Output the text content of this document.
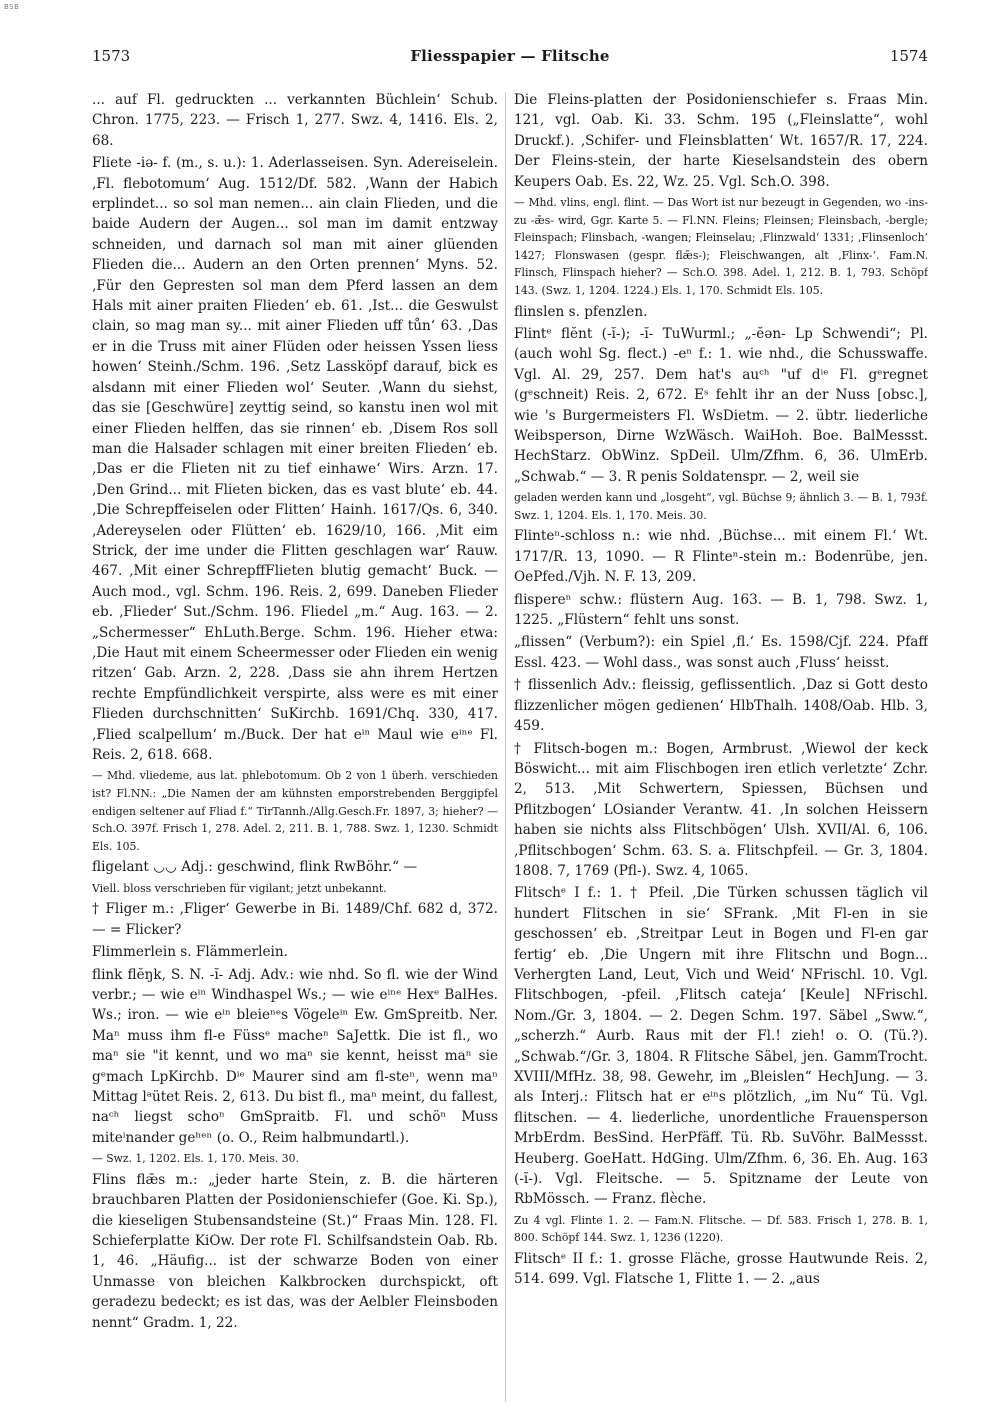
BSB
1573	Fliesspapier — Flitsche	1574

... auf Fl. gedruckten ... verkannten Büchlein‘ Schub. Chron. 1775, 223. — Frisch 1, 277. Swz. 4, 1416. Els. 2, 68.

Fliete -iə- f. (m., s. u.): 1. Aderlasseisen. Syn. Adereiselein. ‚Fl. flebotomum‘ Aug. 1512/Df. 582. ‚Wann der Habich erplindet... so sol man nemen... ain clain Flieden, und die baide Audern der Augen... sol man im damit entzway schneiden, und darnach sol man mit ainer glüenden Flieden die... Audern an den Orten prennen‘ Myns. 52. ‚Für den Gepresten sol man dem Pferd lassen an dem Hals mit ainer praiten Flieden‘ eb. 61. ‚Ist... die Geswulst clain, so mag man sy... mit ainer Flieden uff tůn‘ 63. ‚Das er in die Truss mit ainer Flüden oder heissen Yssen liess howen‘ Steinh./Schm. 196. ‚Setz Lassköpf darauf, bick es alsdann mit einer Flieden wol‘ Seuter. ‚Wann du siehst, das sie [Geschwüre] zeyttig seind, so kanstu inen wol mit einer Flieden helffen, das sie rinnen‘ eb. ‚Disem Ros soll man die Halsader schlagen mit einer breiten Flieden‘ eb. ‚Das er die Flieten nit zu tief einhawe‘ Wirs. Arzn. 17. ‚Den Grind... mit Flieten bicken, das es vast blute‘ eb. 44. ‚Die Schrepffeiselen oder Flitten‘ Hainh. 1617/Qs. 6, 340. ‚Adereyselen oder Flütten‘ eb. 1629/10, 166. ‚Mit eim Strick, der ime under die Flitten geschlagen war‘ Rauw. 467. ‚Mit einer SchrepffFlieten blutig gemacht‘ Buck. — Auch mod., vgl. Schm. 196. Reis. 2, 699. Daneben Flieder eb. ‚Flieder‘ Sut./Schm. 196. Fliedel „m.“ Aug. 163. — 2. „Schermesser“ EhLuth.Berge. Schm. 196. Hieher etwa: ‚Die Haut mit einem Scheermesser oder Flieden ein wenig ritzen‘ Gab. Arzn. 2, 228. ‚Dass sie ahn ihrem Hertzen rechte Empfündlichkeit verspirte, alss were es mit einer Flieden durchschnitten‘ SuKirchb. 1691/Chq. 330, 417. ‚Flied scalpellum‘ m./Buck. Der hat eⁱⁿ Maul wie eⁱⁿᵉ Fl. Reis. 2, 618. 668.

— Mhd. vliedeme, aus lat. phlebotomum. Ob 2 von 1 überh. verschieden ist? Fl.NN.: „Die Namen der am kühnsten emporstrebenden Berggipfel endigen seltener auf Fliad f.“ TirTannh./Allg.Gesch.Fr. 1897, 3; hieher? — Sch.O. 397f. Frisch 1, 278. Adel. 2, 211. B. 1, 788. Swz. 1, 1230. Schmidt Els. 105.

fligelant ◡◡ Adj.: geschwind, flink RwBöhr.“ —

Viell. bloss verschrieben für vigilant; jetzt unbekannt.

† Fliger m.: ‚Fliger‘ Gewerbe in Bi. 1489/Chf. 682 d, 372. — = Flicker?

Flimmerlein s. Flämmerlein.

flink flĕŋk, S. N. -ĭ- Adj. Adv.: wie nhd. So fl. wie der Wind verbr.; — wie eⁱⁿ Windhaspel Ws.; — wie eⁱⁿᵉ Hexᵉ BalHes. Ws.; iron. — wie eⁱⁿ bleieⁿᵉs Vögeleⁱⁿ Ew. GmSpreitb. Ner. Maⁿ muss ihm fl-e Füssᵉ macheⁿ SaJettk. Die ist fl., wo maⁿ sie "it kennt, und wo maⁿ sie kennt, heisst maⁿ sie gᵉmach LpKirchb. Dⁱᵉ Maurer sind am fl-steⁿ, wenn maⁿ Mittag lᵃütet Reis. 2, 613. Du bist fl., maⁿ meint, du fallest, naᶜʰ liegst schoⁿ GmSpraitb. Fl. und schöⁿ Muss miteⁱnander geʰᵉⁿ (o. O., Reim halbmundartl.).

— Swz. 1, 1202. Els. 1, 170. Meis. 30.

Flins flǣs m.: „jeder harte Stein, z. B. die härteren brauchbaren Platten der Posidonienschiefer (Goe. Ki. Sp.), die kieseligen Stubensandsteine (St.)“ Fraas Min. 128. Fl. Schieferplatte KiOw. Der rote Fl. Schilfsandstein Oab. Rb. 1, 46. „Häufig... ist der schwarze Boden von einer Unmasse von bleichen Kalkbrocken durchspickt, oft geradezu bedeckt; es ist das, was der Aelbler Fleinsboden nennt“ Gradm. 1, 22.

Die Fleins-platten der Posidonienschiefer s. Fraas Min. 121, vgl. Oab. Ki. 33. Schm. 195 („Fleinslatte“, wohl Druckf.). ‚Schifer- und Fleinsblatten‘ Wt. 1657/R. 17, 224. Der Fleins-stein, der harte Kieselsandstein des obern Keupers Oab. Es. 22, Wz. 25. Vgl. Sch.O. 398.

— Mhd. vlins, engl. flint. — Das Wort ist nur bezeugt in Gegenden, wo -ins- zu -ǣs- wird, Ggr. Karte 5. — Fl.NN. Fleins; Fleinsen; Fleinsbach, -bergle; Fleinspach; Flinsbach, -wangen; Fleinselau; ‚Flinzwald‘ 1331; ‚Flinsenloch‘ 1427; Flonswasen (gespr. flǣs-); Fleischwangen, alt ‚Flinx-‘. Fam.N. Flinsch, Flinspach hieher? — Sch.O. 398. Adel. 1, 212. B. 1, 793. Schöpf 143. (Swz. 1, 1204. 1224.) Els. 1, 170. Schmidt Els. 105.

flinslen s. pfenzlen.

Flintᵉ flĕnt (-ĭ-); -ĭ- TuWurml.; „-ĕən- Lp Schwendi“; Pl. (auch wohl Sg. flect.) -eⁿ f.: 1. wie nhd., die Schusswaffe. Vgl. Al. 29, 257. Dem hat's auᶜʰ "uf dⁱᵉ Fl. gᵉregnet (gᵉschneit) Reis. 2, 672. Eˢ fehlt ihr an der Nuss [obsc.], wie 's Burgermeisters Fl. WsDietm. — 2. übtr. liederliche Weibsperson, Dirne WzWäsch. WaiHoh. Boe. BalMessst. HechStarz. ObWinz. SpDeil. Ulm/Zfhm. 6, 36. UlmErb. „Schwab.“ — 3. R penis Soldatenspr. — 2, weil sie

geladen werden kann und „losgeht“, vgl. Büchse 9; ähnlich 3. — B. 1, 793f. Swz. 1, 1204. Els. 1, 170. Meis. 30.

Flinteⁿ-schloss n.: wie nhd. ‚Büchse... mit einem Fl.‘ Wt. 1717/R. 13, 1090. — R Flinteⁿ-stein m.: Bodenrübe, jen. OePfed./Vjh. N. F. 13, 209.

flispereⁿ schw.: flüstern Aug. 163. — B. 1, 798. Swz. 1, 1225. „Flüstern“ fehlt uns sonst.

„flissen“ (Verbum?): ein Spiel ‚fl.‘ Es. 1598/Cjf. 224. Pfaff Essl. 423. — Wohl dass., was sonst auch ‚Fluss‘ heisst.

† flissenlich Adv.: fleissig, geflissentlich. ‚Daz si Gott desto flizzenlicher mögen gedienen‘ HlbThalh. 1408/Oab. Hlb. 3, 459.

† Flitsch-bogen m.: Bogen, Armbrust. ‚Wiewol der keck Böswicht... mit aim Flischbogen iren etlich verletzte‘ Zchr. 2, 513. ‚Mit Schwertern, Spiessen, Büchsen und Pflitzbogen‘ LOsiander Verantw. 41. ‚In solchen Heissern haben sie nichts alss Flitschbögen‘ Ulsh. XVII/Al. 6, 106. ‚Pflitschbogen‘ Schm. 63. S. a. Flitschpfeil. — Gr. 3, 1804. 1808. 7, 1769 (Pfl-). Swz. 4, 1065.

Flitschᵉ I f.: 1. † Pfeil. ‚Die Türken schussen täglich vil hundert Flitschen in sie‘ SFrank. ‚Mit Fl-en in sie geschossen‘ eb. ‚Streitpar Leut in Bogen und Fl-en gar fertig‘ eb. ‚Die Ungern mit ihre Flitschn und Bogn... Verhergten Land, Leut, Vich und Weid‘ NFrischl. 10. Vgl. Flitschbogen, -pfeil. ‚Flitsch cateja‘ [Keule] NFrischl. Nom./Gr. 3, 1804. — 2. Degen Schm. 197. Säbel „Sww.“, „scherzh.“ Aurb. Raus mit der Fl.! zieh! o. O. (Tü.?). „Schwab.“/Gr. 3, 1804. R Flitsche Säbel, jen. GammTrocht. XVIII/MfHz. 38, 98. Gewehr, im „Bleislen“ HechJung. — 3. als Interj.: Flitsch hat er eⁱⁿs plötzlich, „im Nu“ Tü. Vgl. flitschen. — 4. liederliche, unordentliche Frauensperson MrbErdm. BesSind. HerPfäff. Tü. Rb. SuVöhr. BalMessst. Heuberg. GoeHatt. HdGing. Ulm/Zfhm. 6, 36. Eh. Aug. 163 (-ĭ-). Vgl. Fleitsche. — 5. Spitzname der Leute von RbMössch. — Franz. flèche.

Zu 4 vgl. Flinte 1. 2. — Fam.N. Flitsche. — Df. 583. Frisch 1, 278. B. 1, 800. Schöpf 144. Swz. 1, 1236 (1220).

Flitschᵉ II f.: 1. grosse Fläche, grosse Hautwunde Reis. 2, 514. 699. Vgl. Flatsche 1, Flitte 1. — 2. „aus
